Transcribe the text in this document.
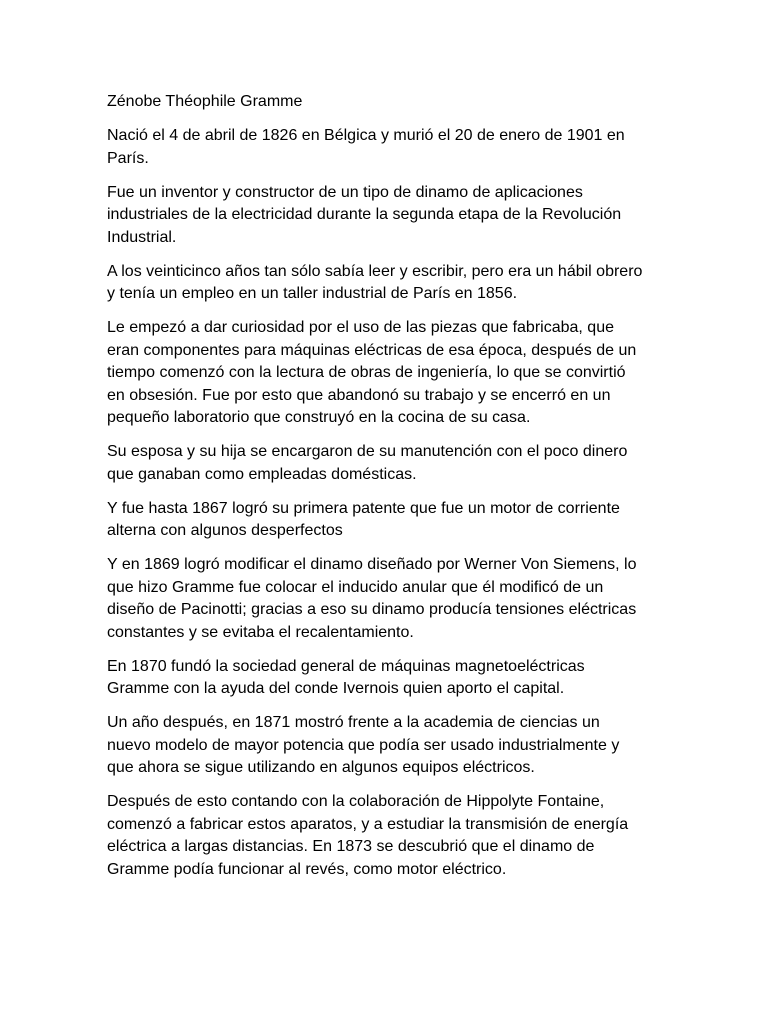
Zénobe Théophile Gramme

Nació el 4 de abril de 1826 en Bélgica y murió el 20 de enero de 1901 en París.

Fue un inventor y constructor de un tipo de dinamo de aplicaciones industriales de la electricidad durante la segunda etapa de la Revolución Industrial.

A los veinticinco años tan sólo sabía leer y escribir, pero era un hábil obrero y tenía un empleo en un taller industrial de París en 1856.

Le empezó a dar curiosidad por el uso de las piezas que fabricaba, que eran componentes para máquinas eléctricas de esa época, después de un tiempo comenzó con la lectura de obras de ingeniería, lo que se convirtió en obsesión. Fue por esto que abandonó su trabajo y se encerró en un pequeño laboratorio que construyó en la cocina de su casa.

Su esposa y su hija se encargaron de su manutención con el poco dinero que ganaban como empleadas domésticas.

Y fue hasta 1867 logró su primera patente que fue un motor de corriente alterna con algunos desperfectos

Y en 1869 logró modificar el dinamo diseñado por Werner Von Siemens, lo que hizo Gramme fue colocar el inducido anular que él modificó de un diseño de Pacinotti; gracias a eso su dinamo producía tensiones eléctricas constantes y se evitaba el recalentamiento.

En 1870 fundó la sociedad general de máquinas magnetoeléctricas Gramme con la ayuda del conde Ivernois quien aporto el capital.

Un año después, en 1871 mostró frente a la academia de ciencias un nuevo modelo de mayor potencia que podía ser usado industrialmente y que ahora se sigue utilizando en algunos equipos eléctricos.

Después de esto contando con la colaboración de Hippolyte Fontaine, comenzó a fabricar estos aparatos, y a estudiar la transmisión de energía eléctrica a largas distancias. En 1873 se descubrió que el dinamo de Gramme podía funcionar al revés, como motor eléctrico.
